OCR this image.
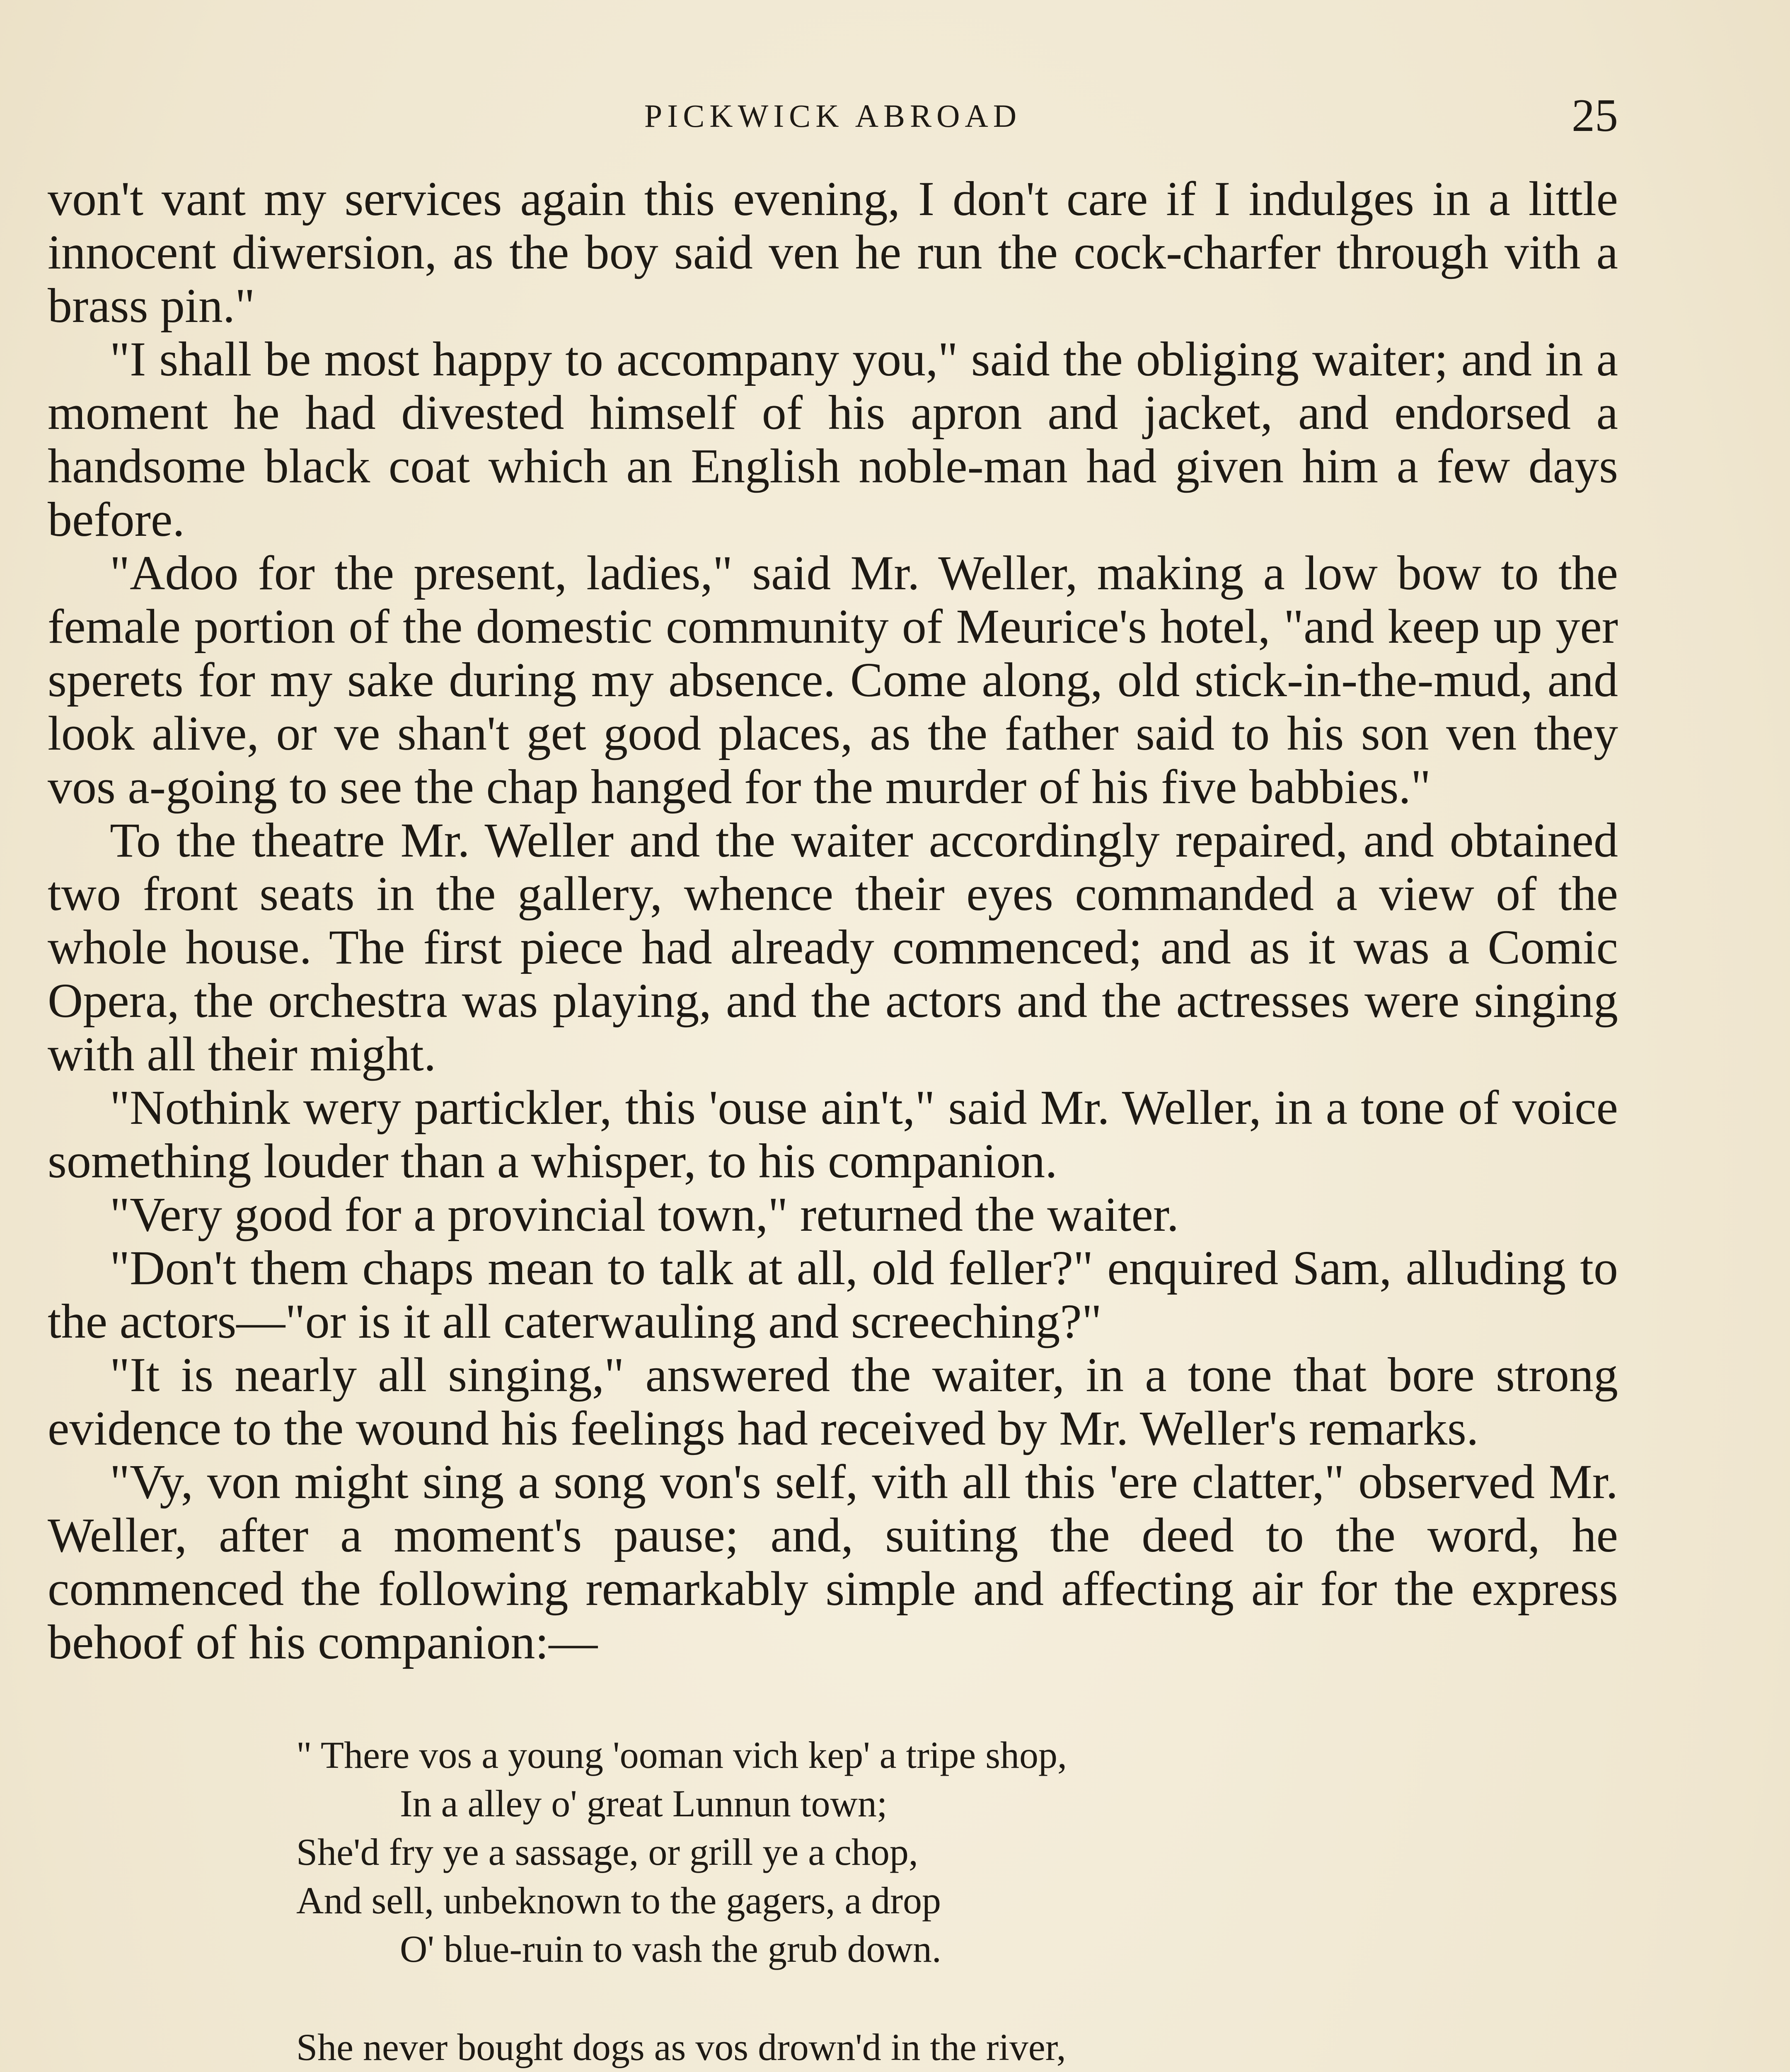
PICKWICK ABROAD	25

von't vant my services again this evening, I don't care if I indulges in a little innocent diwersion, as the boy said ven he run the cock-charfer through vith a brass pin."

"I shall be most happy to accompany you," said the obliging waiter; and in a moment he had divested himself of his apron and jacket, and endorsed a handsome black coat which an English noble-man had given him a few days before.

"Adoo for the present, ladies," said Mr. Weller, making a low bow to the female portion of the domestic community of Meurice's hotel, "and keep up yer sperets for my sake during my absence. Come along, old stick-in-the-mud, and look alive, or ve shan't get good places, as the father said to his son ven they vos a-going to see the chap hanged for the murder of his five babbies."

To the theatre Mr. Weller and the waiter accordingly repaired, and obtained two front seats in the gallery, whence their eyes commanded a view of the whole house. The first piece had already commenced; and as it was a Comic Opera, the orchestra was playing, and the actors and the actresses were singing with all their might.

"Nothink wery partickler, this 'ouse ain't," said Mr. Weller, in a tone of voice something louder than a whisper, to his companion.

"Very good for a provincial town," returned the waiter.

"Don't them chaps mean to talk at all, old feller?" enquired Sam, alluding to the actors—"or is it all caterwauling and screeching?"

"It is nearly all singing," answered the waiter, in a tone that bore strong evidence to the wound his feelings had received by Mr. Weller's remarks.

"Vy, von might sing a song von's self, vith all this 'ere clatter," observed Mr. Weller, after a moment's pause; and, suiting the deed to the word, he commenced the following remarkably simple and affecting air for the express behoof of his companion:—

" There vos a young 'ooman vich kep' a tripe shop,
In a alley o' great Lunnun town;
She'd fry ye a sassage, or grill ye a chop,
And sell, unbeknown to the gagers, a drop
O' blue-ruin to vash the grub down.
She never bought dogs as vos drown'd in the river,
